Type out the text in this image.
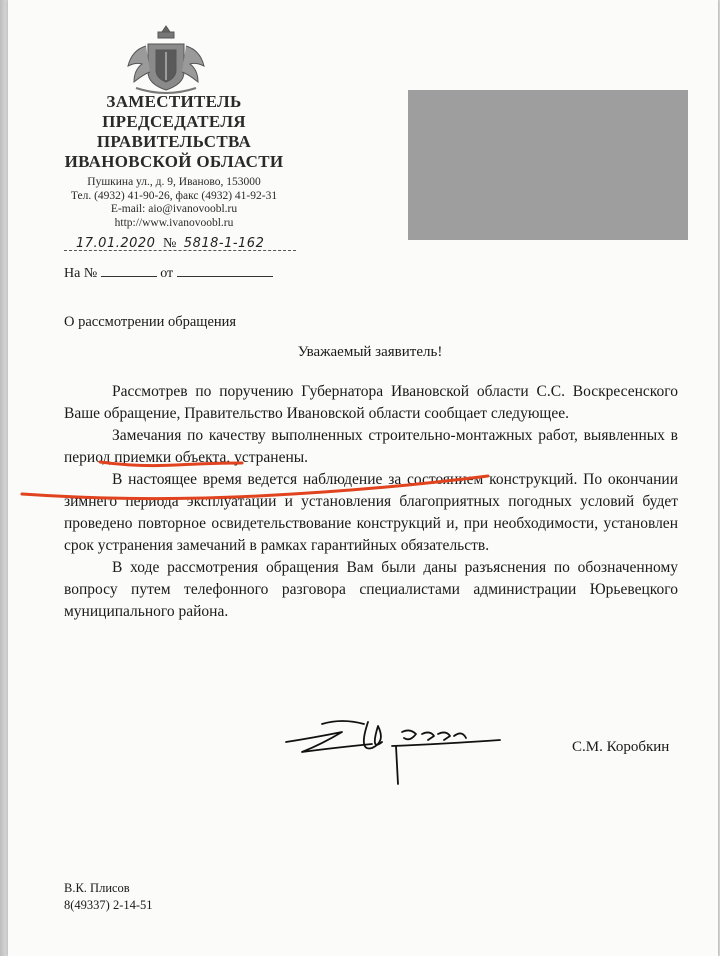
ЗАМЕСТИТЕЛЬ
ПРЕДСЕДАТЕЛЯ
ПРАВИТЕЛЬСТВА
ИВАНОВСКОЙ ОБЛАСТИ
Пушкина ул., д. 9, Иваново, 153000
Тел. (4932) 41-90-26, факс (4932) 41-92-31
E-mail: aio@ivanovoobl.ru
http://www.ivanovoobl.ru
17.01.2020 № 5818-1-162
На №	от
О рассмотрении обращения
Уважаемый заявитель!

Рассмотрев по поручению Губернатора Ивановской области С.С. Воскресенского Ваше обращение, Правительство Ивановской области сообщает следующее.

Замечания по качеству выполненных строительно-монтажных работ, выявленных в период приемки объекта, устранены.

В настоящее время ведется наблюдение за состоянием конструкций. По окончании зимнего периода эксплуатации и установления благоприятных погодных условий будет проведено повторное освидетельствование конструкций и, при необходимости, установлен срок устранения замечаний в рамках гарантийных обязательств.

В ходе рассмотрения обращения Вам были даны разъяснения по обозначенному вопросу путем телефонного разговора специалистами администрации Юрьевецкого муниципального района.

С.М. Коробкин
В.К. Плисов
8(49337) 2-14-51
